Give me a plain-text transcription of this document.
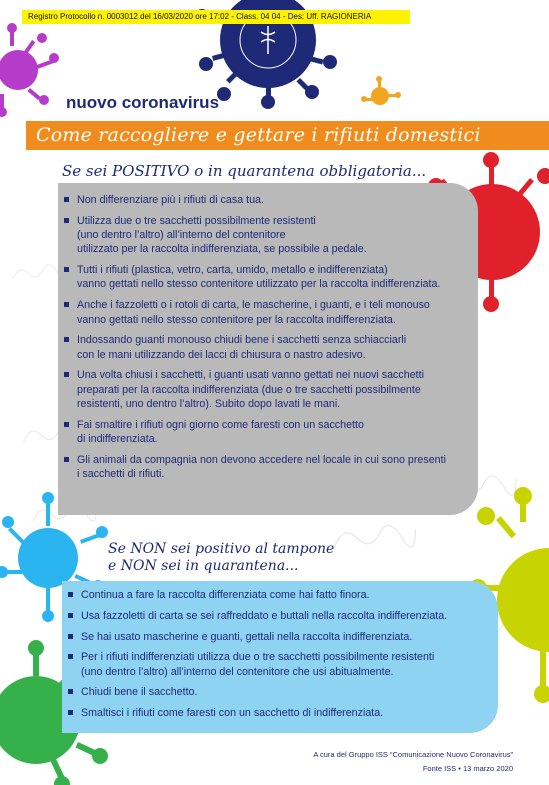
Registro Protocollo n. 0003012 del 16/03/2020 ore 17:02 - Class. 04 04 - Des: Uff. RAGIONERIA
nuovo coronavirus
Come raccogliere e gettare i rifiuti domestici
Se sei POSITIVO o in quarantena obbligatoria...
Non differenziare più i rifiuti di casa tua.
Utilizza due o tre sacchetti possibilmente resistenti
(uno dentro l’altro) all’interno del contenitore
utilizzato per la raccolta indifferenziata, se possibile a pedale.
Tutti i rifiuti (plastica, vetro, carta, umido, metallo e indifferenziata)
vanno gettati nello stesso contenitore utilizzato per la raccolta indifferenziata.
Anche i fazzoletti o i rotoli di carta, le mascherine, i guanti, e i teli monouso
vanno gettati nello stesso contenitore per la raccolta indifferenziata.
Indossando guanti monouso chiudi bene i sacchetti senza schiacciarli
con le mani utilizzando dei lacci di chiusura o nastro adesivo.
Una volta chiusi i sacchetti, i guanti usati vanno gettati nei nuovi sacchetti
preparati per la raccolta indifferenziata (due o tre sacchetti possibilmente
resistenti, uno dentro l’altro). Subito dopo lavati le mani.
Fai smaltire i rifiuti ogni giorno come faresti con un sacchetto
di indifferenziata.
Gli animali da compagnia non devono accedere nel locale in cui sono presenti
i sacchetti di rifiuti.
Se NON sei positivo al tampone
e NON sei in quarantena...
Continua a fare la raccolta differenziata come hai fatto finora.
Usa fazzoletti di carta se sei raffreddato e buttali nella raccolta indifferenziata.
Se hai usato mascherine e guanti, gettali nella raccolta indifferenziata.
Per i rifiuti indifferenziati utilizza due o tre sacchetti possibilmente resistenti
(uno dentro l’altro) all’interno del contenitore che usi abitualmente.
Chiudi bene il sacchetto.
Smaltisci i rifiuti come faresti con un sacchetto di indifferenziata.
A cura del Gruppo ISS “Comunicazione Nuovo Coronavirus”
Fonte ISS • 13 marzo 2020
